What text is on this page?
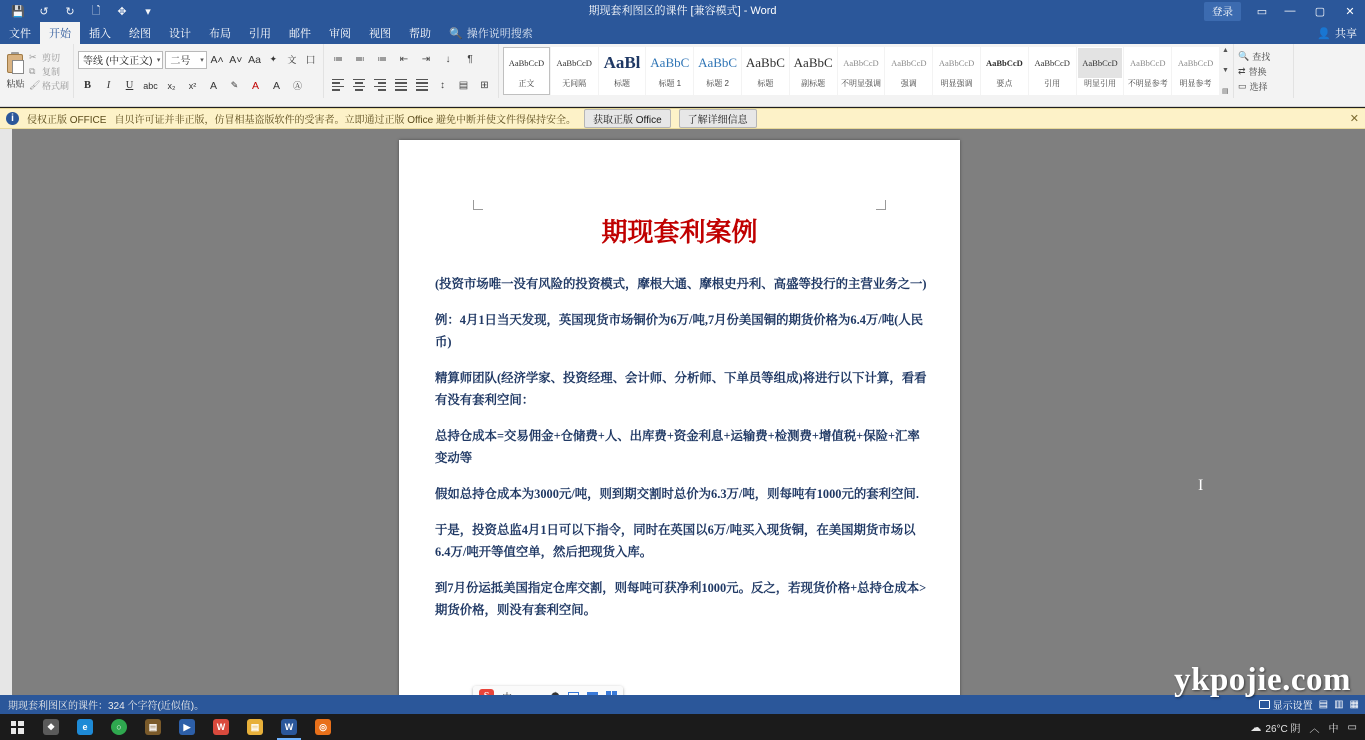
💾	↺	↻	🗋	✥	▾	期现套利图区的课件 [兼容模式] - Word	登录	▭	—	▢	✕
文件	开始	插入	绘图	设计	布局	引用	邮件	审阅	视图	帮助	🔍 操作说明搜索	👤 共享
粘贴
✂ 剪切
⧉ 复制
🖌 格式刷
等线 (中文正文) ▾ 二号	▾ A˄ A˅ Aa ✦	文	囗
B	I	U	abc	x₂	x²	A	✎	A	A	Ⓐ
≔	≕	≔	⇤	⇥	↓	¶
↕	▤	⊞
AaBbCcD
正文
AaBbCcD
无间隔
AaBl
标题
AaBbC
标题 1
AaBbC
标题 2
AaBbC
标题
AaBbC
副标题
AaBbCcD
不明显强调
AaBbCcD
强调
AaBbCcD
明显强调
AaBbCcD
要点
AaBbCcD
引用
AaBbCcD
明显引用
AaBbCcD
不明显参考
AaBbCcD
明显参考
▲
▼
▤
🔍 查找
⇄ 替换
▭ 选择
i	侵权正版 OFFICE 自贝许可证并非正版，仿冒相基盗版软件的受害者。立即通过正版 Office 避免中断并使文件得保持安全。	获取正版 Office	了解详细信息	✕
期现套利案例

(投资市场唯一没有风险的投资模式，摩根大通、摩根史丹利、高盛等投行的主营业务之一)

例：4月1日当天发现，英国现货市场铜价为6万/吨,7月份美国铜的期货价格为6.4万/吨(人民币)

精算师团队(经济学家、投资经理、会计师、分析师、下单员等组成)将进行以下计算，看看有没有套利空间：

总持仓成本=交易佣金+仓储费+人、出库费+资金利息+运输费+检测费+增值税+保险+汇率变动等

假如总持仓成本为3000元/吨，则到期交割时总价为6.3万/吨，则每吨有1000元的套利空间.

于是，投资总监4月1日可以下指令，同时在英国以6万/吨买入现货铜，在美国期货市场以6.4万/吨开等值空单，然后把现货入库。

到7月份运抵美国指定仓库交割，则每吨可获净利1000元。反之，若现货价格+总持仓成本>期货价格，则没有套利空间。

I
期现套利图区的课件：324 个字符(近似值)。	显示设置 ▤ ▥ ▦
❖	e	○	▤	▶	W	▤	W	◎	☁ 26°C 阴 ︿ 中 ▭
ykpojie.com
